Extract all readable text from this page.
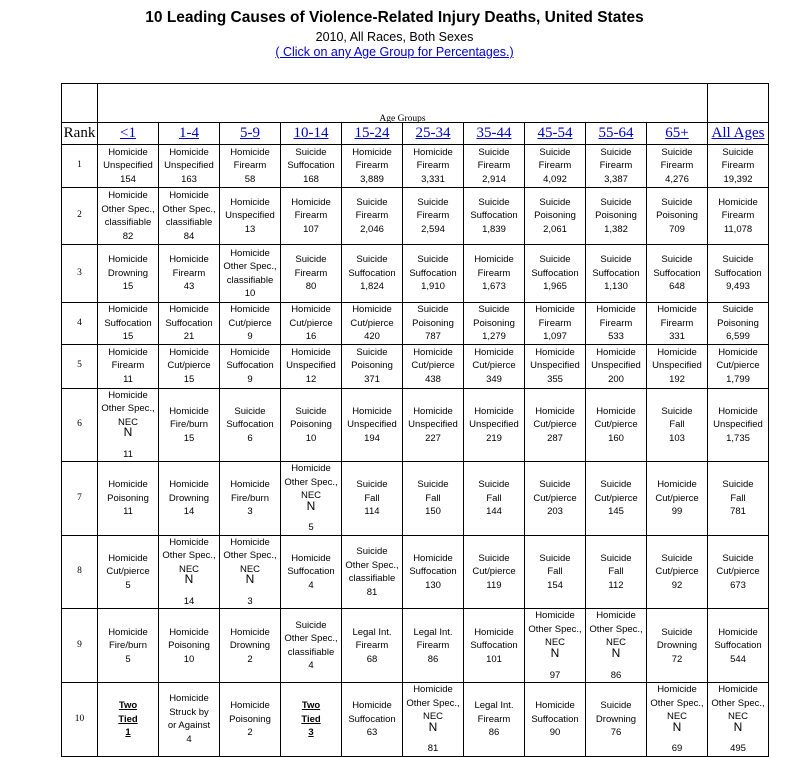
10 Leading Causes of Violence-Related Injury Deaths, United States
2010, All Races, Both Sexes
( Click on any Age Group for Percentages.)
	Age Groups										
Rank	<1	1-4	5-9	10-14	15-24	25-34	35-44	45-54	55-64	65+	All Ages
1	Homicide
Unspecified
154	Homicide
Unspecified
163	Homicide
Firearm
58	Suicide
Suffocation
168	Homicide
Firearm
3,889	Homicide
Firearm
3,331	Suicide
Firearm
2,914	Suicide
Firearm
4,092	Suicide
Firearm
3,387	Suicide
Firearm
4,276	Suicide
Firearm
19,392

2	Homicide
Other Spec.,
classifiable
82	Homicide
Other Spec.,
classifiable
84	Homicide
Unspecified
13	Homicide
Firearm
107	Suicide
Firearm
2,046	Suicide
Firearm
2,594	Suicide
Suffocation
1,839	Suicide
Poisoning
2,061	Suicide
Poisoning
1,382	Suicide
Poisoning
709	Homicide
Firearm
11,078

3	Homicide
Drowning
15	Homicide
Firearm
43	Homicide
Other Spec.,
classifiable
10	Suicide
Firearm
80	Suicide
Suffocation
1,824	Suicide
Suffocation
1,910	Homicide
Firearm
1,673	Suicide
Suffocation
1,965	Suicide
Suffocation
1,130	Suicide
Suffocation
648	Suicide
Suffocation
9,493

4	Homicide
Suffocation
15	Homicide
Suffocation
21	Homicide
Cut/pierce
9	Homicide
Cut/pierce
16	Homicide
Cut/pierce
420	Suicide
Poisoning
787	Suicide
Poisoning
1,279	Homicide
Firearm
1,097	Homicide
Firearm
533	Homicide
Firearm
331	Suicide
Poisoning
6,599

5	Homicide
Firearm
11	Homicide
Cut/pierce
15	Homicide
Suffocation
9	Homicide
Unspecified
12	Suicide
Poisoning
371	Homicide
Cut/pierce
438	Homicide
Cut/pierce
349	Homicide
Unspecified
355	Homicide
Unspecified
200	Homicide
Unspecified
192	Homicide
Cut/pierce
1,799

6	Homicide
Other Spec.,
NEC
$^N$
11	Homicide
Fire/burn
15	Suicide
Suffocation
6	Suicide
Poisoning
10	Homicide
Unspecified
194	Homicide
Unspecified
227	Homicide
Unspecified
219	Homicide
Cut/pierce
287	Homicide
Cut/pierce
160	Suicide
Fall
103	Homicide
Unspecified
1,735

7	Homicide
Poisoning
11	Homicide
Drowning
14	Homicide
Fire/burn
3	Homicide
Other Spec.,
NEC
$^N$
5	Suicide
Fall
114	Suicide
Fall
150	Suicide
Fall
144	Suicide
Cut/pierce
203	Suicide
Cut/pierce
145	Homicide
Cut/pierce
99	Suicide
Fall
781

8	Homicide
Cut/pierce
5	Homicide
Other Spec.,
NEC
$^N$
14	Homicide
Other Spec.,
NEC
$^N$
3	Homicide
Suffocation
4	Suicide
Other Spec.,
classifiable
81	Homicide
Suffocation
130	Suicide
Cut/pierce
119	Suicide
Fall
154	Suicide
Fall
112	Suicide
Cut/pierce
92	Suicide
Cut/pierce
673

9	Homicide
Fire/burn
5	Homicide
Poisoning
10	Homicide
Drowning
2	Suicide
Other Spec.,
classifiable
4	Legal Int.
Firearm
68	Legal Int.
Firearm
86	Homicide
Suffocation
101	Homicide
Other Spec.,
NEC
$^N$
97	Homicide
Other Spec.,
NEC
$^N$
86	Suicide
Drowning
72	Homicide
Suffocation
544

10	Two
Tied
1	Homicide
Struck by
or Against
4	Homicide
Poisoning
2	Two
Tied
3	Homicide
Suffocation
63	Homicide
Other Spec.,
NEC
$^N$
81	Legal Int.
Firearm
86	Homicide
Suffocation
90	Suicide
Drowning
76	Homicide
Other Spec.,
NEC
$^N$
69	Homicide
Other Spec.,
NEC
$^N$
495
